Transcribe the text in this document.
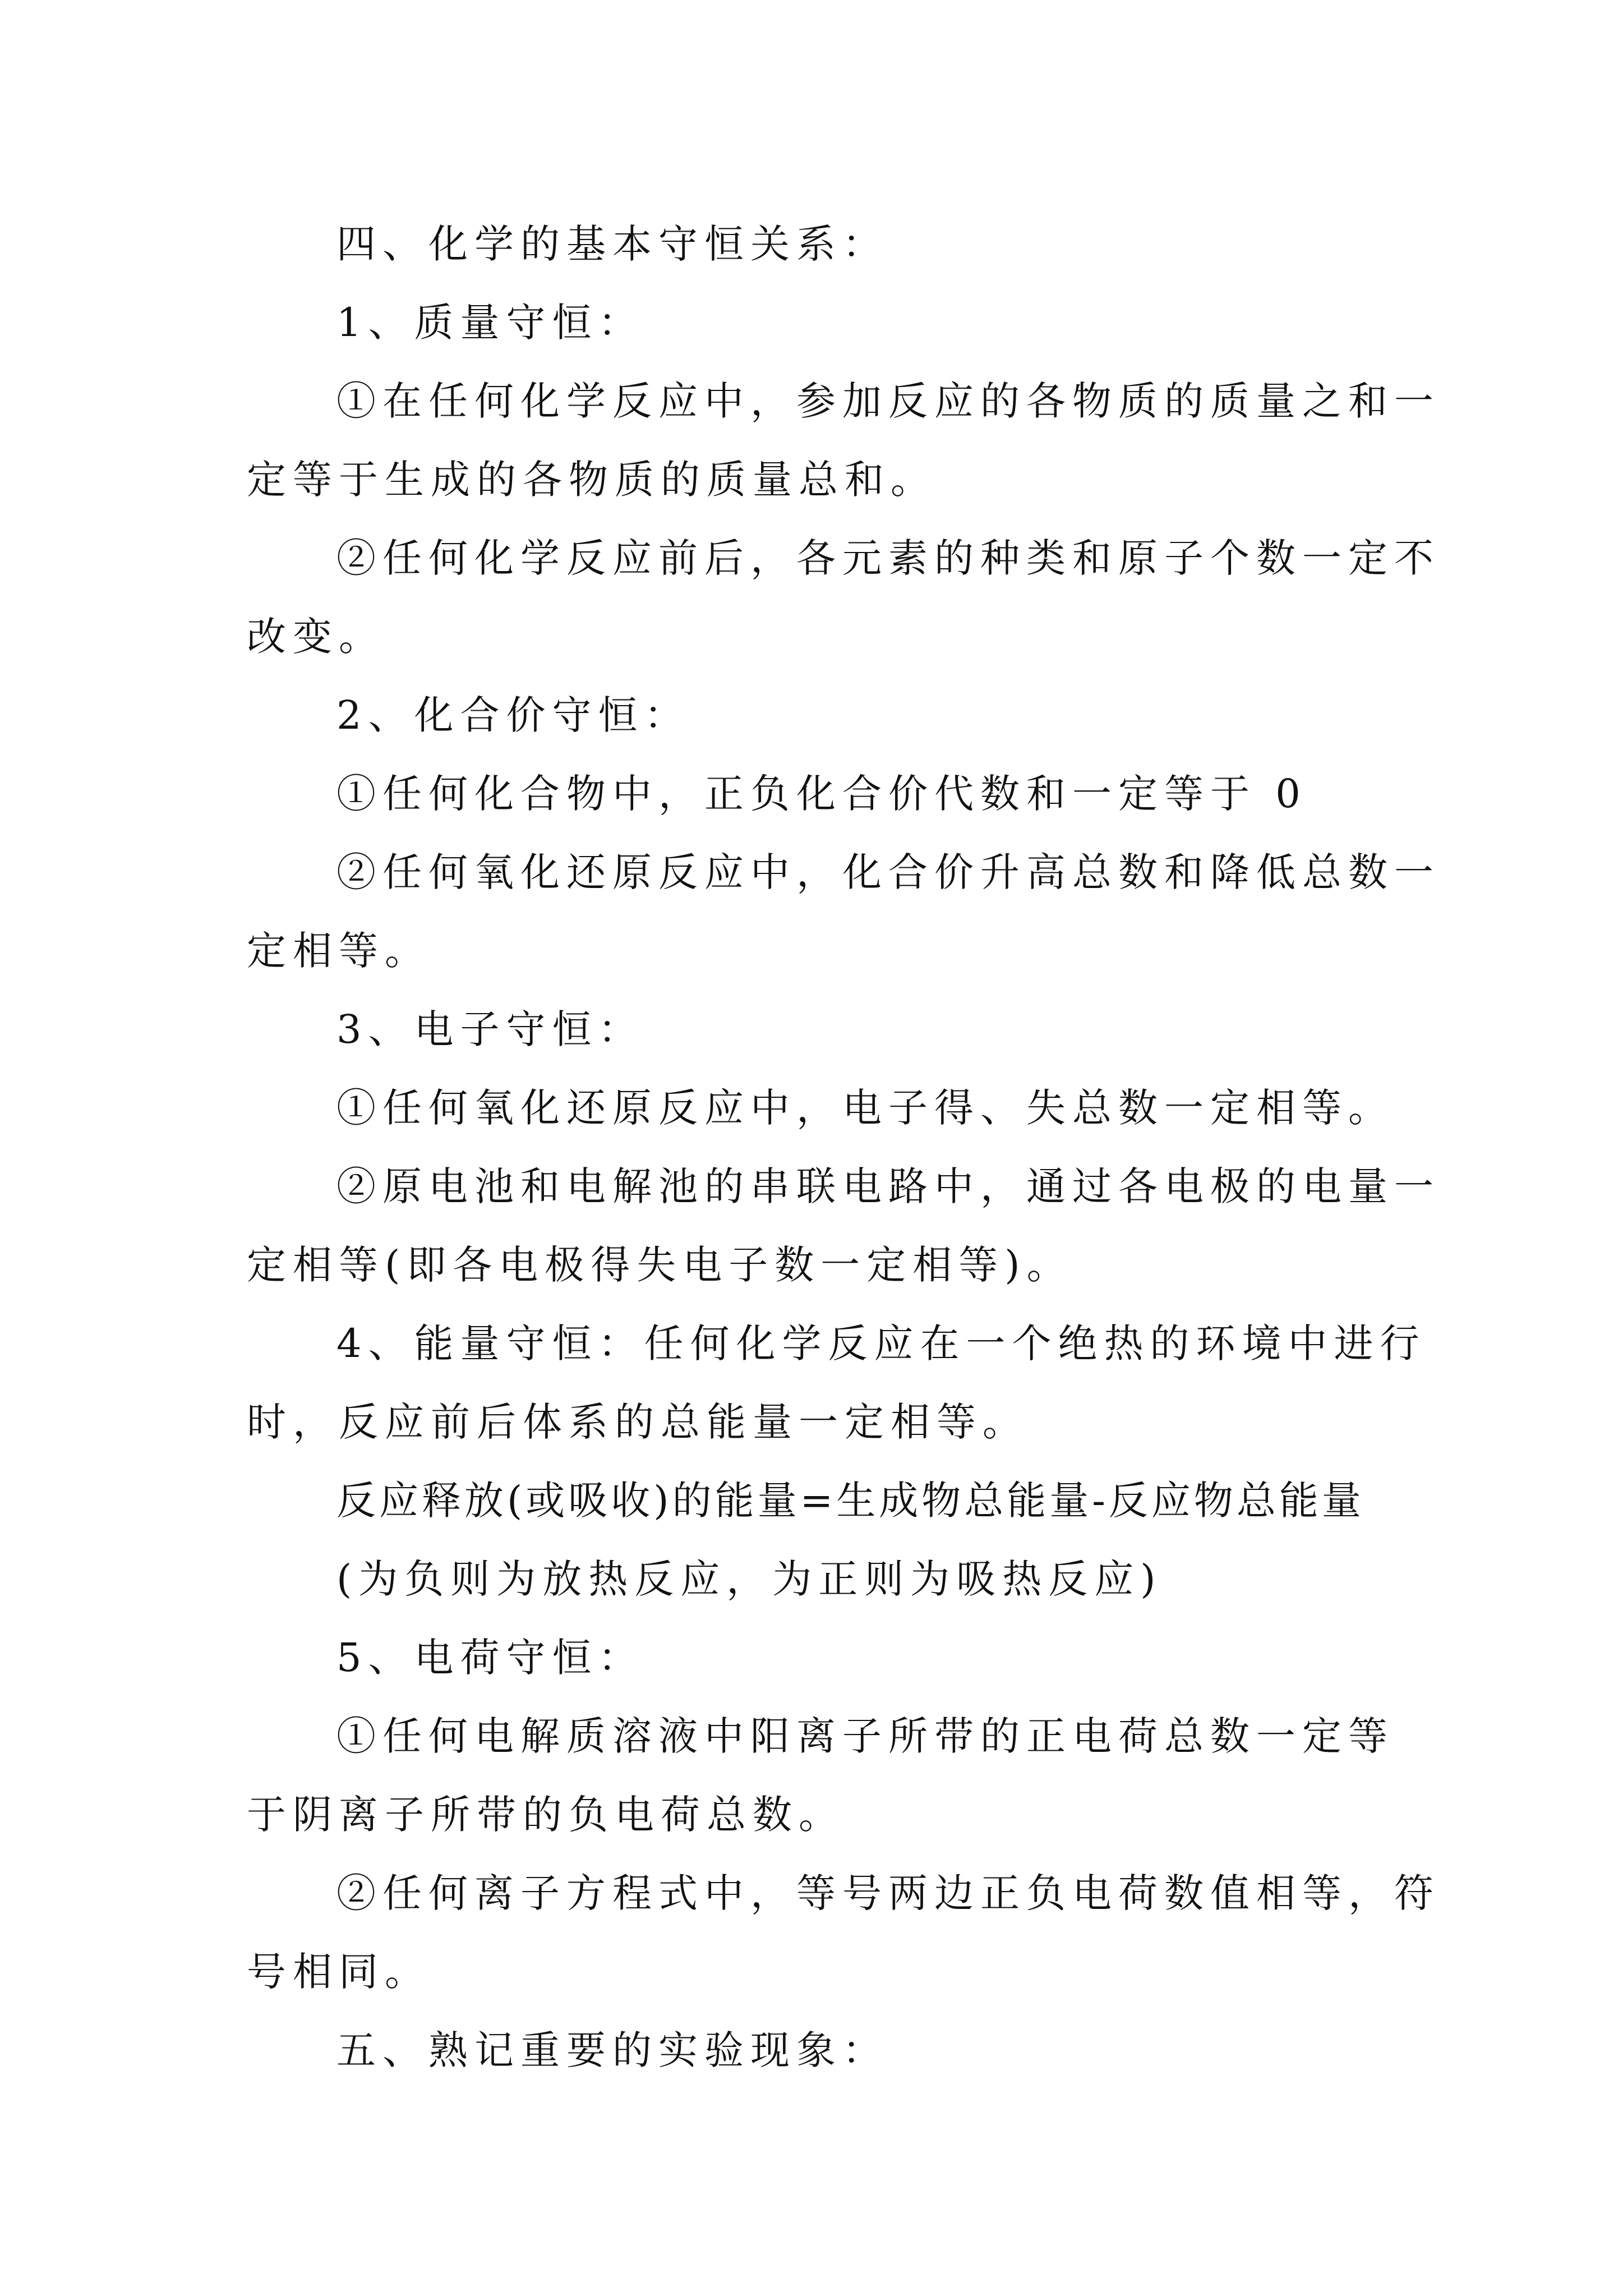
四、化学的基本守恒关系：
1、质量守恒：
①在任何化学反应中，参加反应的各物质的质量之和一
定等于生成的各物质的质量总和。
②任何化学反应前后，各元素的种类和原子个数一定不
改变。
2、化合价守恒：
①任何化合物中，正负化合价代数和一定等于 0
②任何氧化还原反应中，化合价升高总数和降低总数一
定相等。
3、电子守恒：
①任何氧化还原反应中，电子得、失总数一定相等。
②原电池和电解池的串联电路中，通过各电极的电量一
定相等(即各电极得失电子数一定相等)。
4、能量守恒：任何化学反应在一个绝热的环境中进行
时，反应前后体系的总能量一定相等。
反应释放(或吸收)的能量=生成物总能量-反应物总能量
(为负则为放热反应，为正则为吸热反应)
5、电荷守恒：
①任何电解质溶液中阳离子所带的正电荷总数一定等
于阴离子所带的负电荷总数。
②任何离子方程式中，等号两边正负电荷数值相等，符
号相同。
五、熟记重要的实验现象：
